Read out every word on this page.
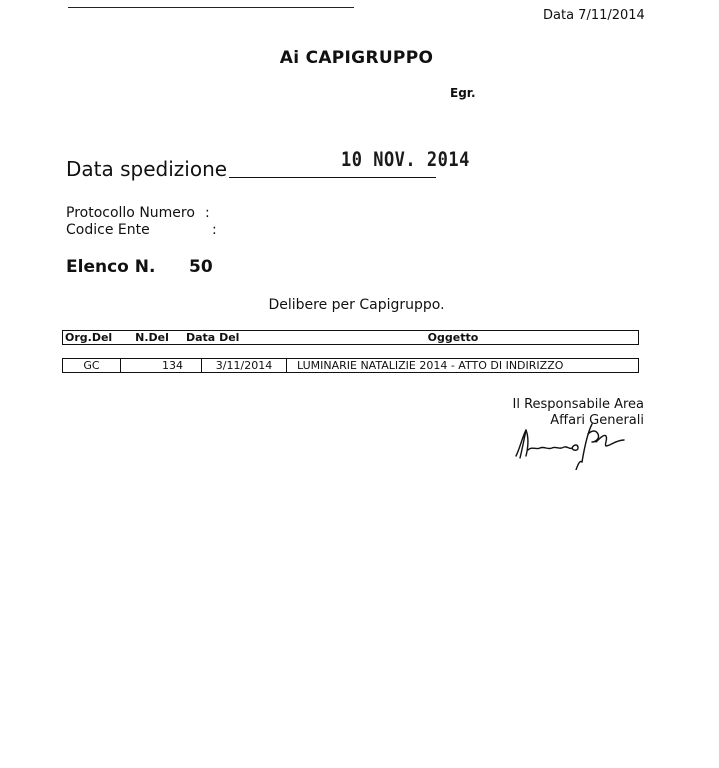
Data 7/11/2014
Ai CAPIGRUPPO
Egr.
Data spedizione	10 NOV. 2014
Protocollo Numero :
Codice Ente	:
Elenco N. 50
Delibere per Capigruppo.
Org.Del	N.Del	Data Del	Oggetto
GC	134	3/11/2014	LUMINARIE NATALIZIE 2014 - ATTO DI INDIRIZZO
Il Responsabile Area
Affari Generali
